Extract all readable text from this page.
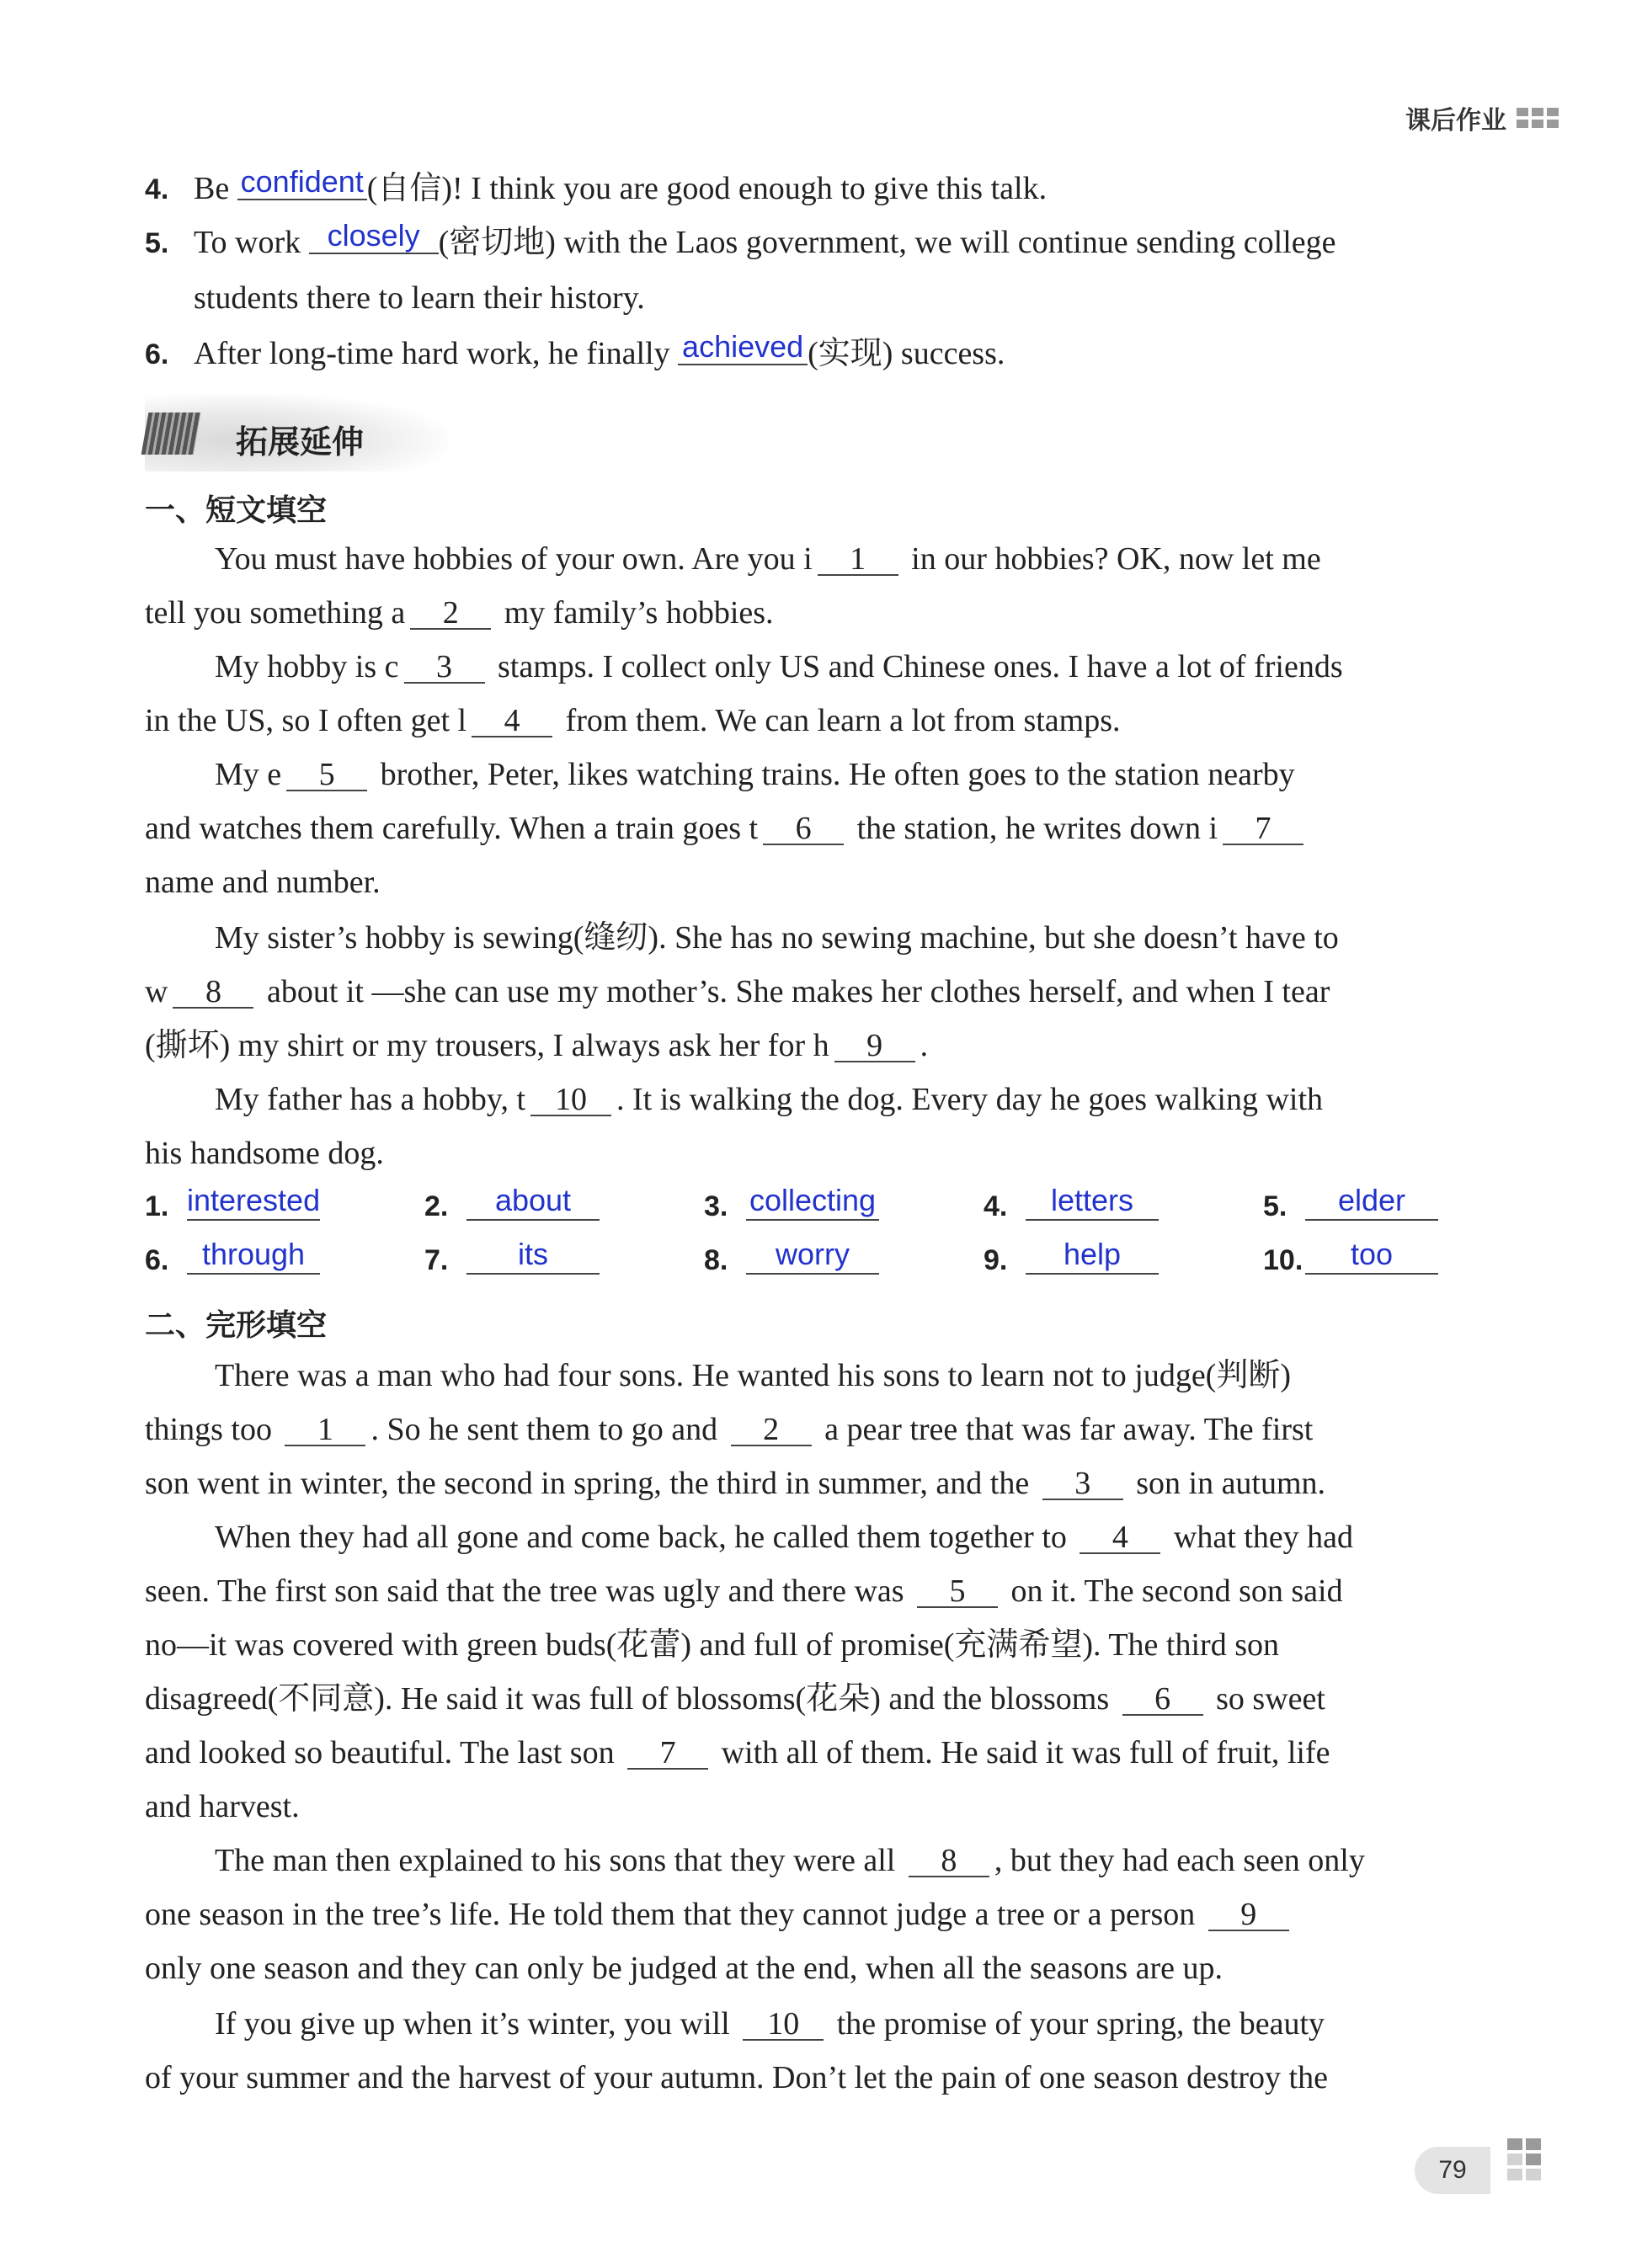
课后作业
4. Be confident (自信)! I think you are good enough to give this talk.
5. To work closely (密切地) with the Laos government, we will continue sending college
students there to learn their history.
6. After long-time hard work, he finally achieved (实现) success.
拓展延伸
一、短文填空
You must have hobbies of your own. Are you i 1 in our hobbies? OK, now let me
tell you something a 2 my family’s hobbies.
My hobby is c 3 stamps. I collect only US and Chinese ones. I have a lot of friends
in the US, so I often get l 4 from them. We can learn a lot from stamps.
My e 5 brother, Peter, likes watching trains. He often goes to the station nearby
and watches them carefully. When a train goes t 6 the station, he writes down i 7
name and number.
My sister’s hobby is sewing(缝纫). She has no sewing machine, but she doesn’t have to
w 8 about it —she can use my mother’s. She makes her clothes herself, and when I tear
(撕坏) my shirt or my trousers, I always ask her for h 9 .
My father has a hobby, t 10 . It is walking the dog. Every day he goes walking with
his handsome dog.
1. interested	2. about	3. collecting	4. letters	5. elder
6. through	7. its	8. worry	9. help	10. too
二、完形填空
There was a man who had four sons. He wanted his sons to learn not to judge(判断)
things too 1 . So he sent them to go and 2 a pear tree that was far away. The first
son went in winter, the second in spring, the third in summer, and the 3 son in autumn.
When they had all gone and come back, he called them together to 4 what they had
seen. The first son said that the tree was ugly and there was 5 on it. The second son said
no—it was covered with green buds(花蕾) and full of promise(充满希望). The third son
disagreed(不同意). He said it was full of blossoms(花朵) and the blossoms 6 so sweet
and looked so beautiful. The last son 7 with all of them. He said it was full of fruit, life
and harvest.
The man then explained to his sons that they were all 8 , but they had each seen only
one season in the tree’s life. He told them that they cannot judge a tree or a person 9
only one season and they can only be judged at the end, when all the seasons are up.
If you give up when it’s winter, you will 10 the promise of your spring, the beauty
of your summer and the harvest of your autumn. Don’t let the pain of one season destroy the
79
